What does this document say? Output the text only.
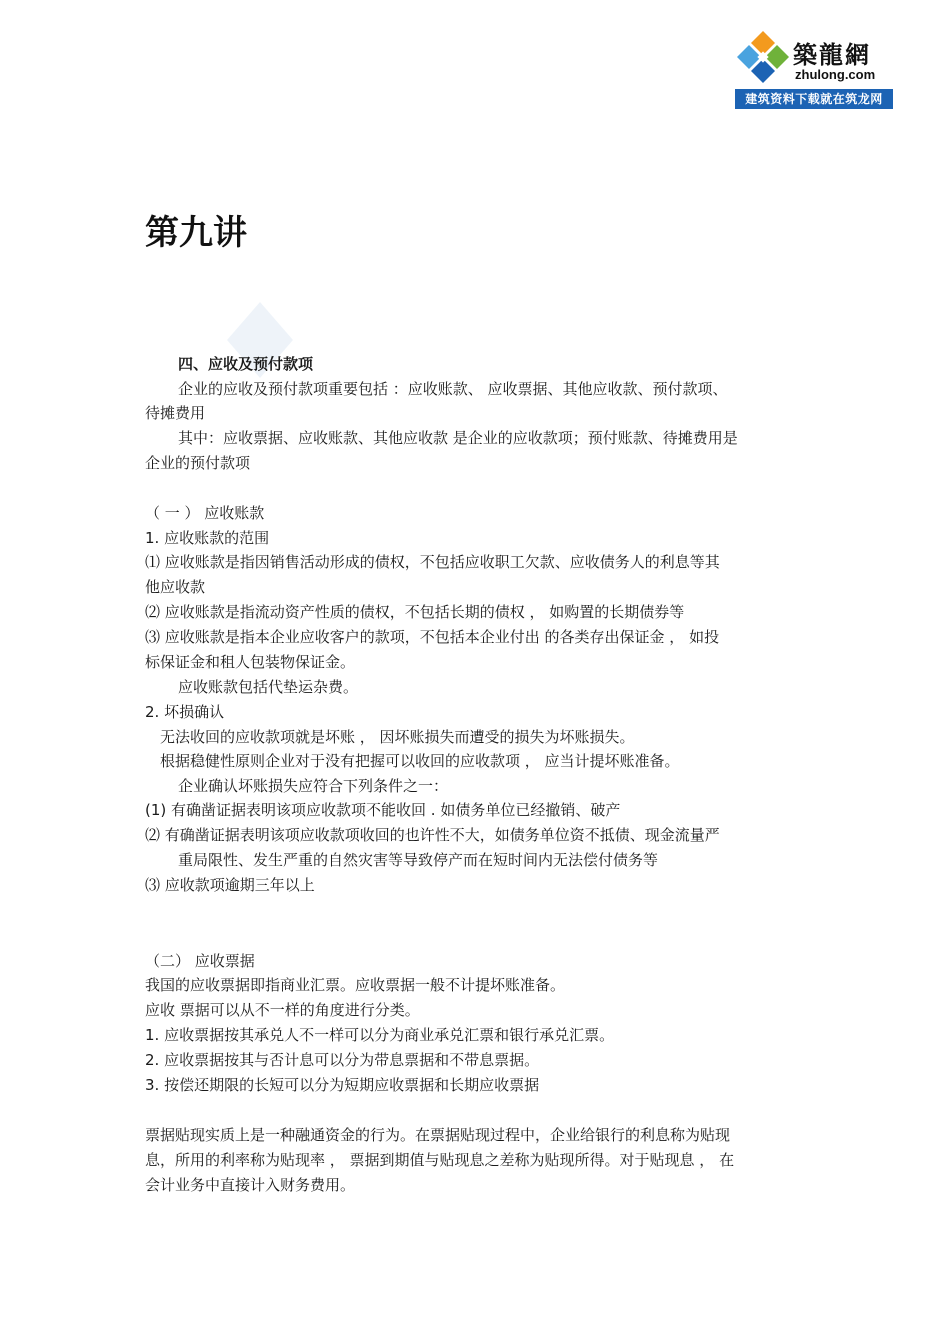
築龍網
zhulong.com
建筑资料下载就在筑龙网
第九讲
四、应收及预付款项
企业的应收及预付款项重要包括 ：应收账款、 应收票据、其他应收款、预付款项、
待摊费用
其中：应收票据、应收账款、其他应收款 是企业的应收款项；预付账款、待摊费用是
企业的预付款项
（ 一 ） 应收账款
1. 应收账款的范围
⑴ 应收账款是指因销售活动形成的债权，不包括应收职工欠款、应收债务人的利息等其
他应收款
⑵ 应收账款是指流动资产性质的债权，不包括长期的债权 ， 如购置的长期债券等
⑶ 应收账款是指本企业应收客户的款项，不包括本企业付出 的各类存出保证金 ， 如投
标保证金和租人包装物保证金。
应收账款包括代垫运杂费。
2. 坏损确认
无法收回的应收款项就是坏账 ， 因坏账损失而遭受的损失为坏账损失。
根据稳健性原则企业对于没有把握可以收回的应收款项 ， 应当计提坏账准备。
企业确认坏账损失应符合下列条件之一：
(1) 有确凿证据表明该项应收款项不能收回 . 如债务单位已经撤销、破产
⑵ 有确凿证据表明该项应收款项收回的也许性不大，如债务单位资不抵债、现金流量严
重局限性、发生严重的自然灾害等导致停产而在短时间内无法偿付债务等
⑶ 应收款项逾期三年以上
（二） 应收票据
我国的应收票据即指商业汇票。应收票据一般不计提坏账准备。
应收 票据可以从不一样的角度进行分类。
1. 应收票据按其承兑人不一样可以分为商业承兑汇票和银行承兑汇票。
2. 应收票据按其与否计息可以分为带息票据和不带息票据。
3. 按偿还期限的长短可以分为短期应收票据和长期应收票据
票据贴现实质上是一种融通资金的行为。在票据贴现过程中，企业给银行的利息称为贴现
息，所用的利率称为贴现率 ， 票据到期值与贴现息之差称为贴现所得。对于贴现息 ， 在
会计业务中直接计入财务费用。
